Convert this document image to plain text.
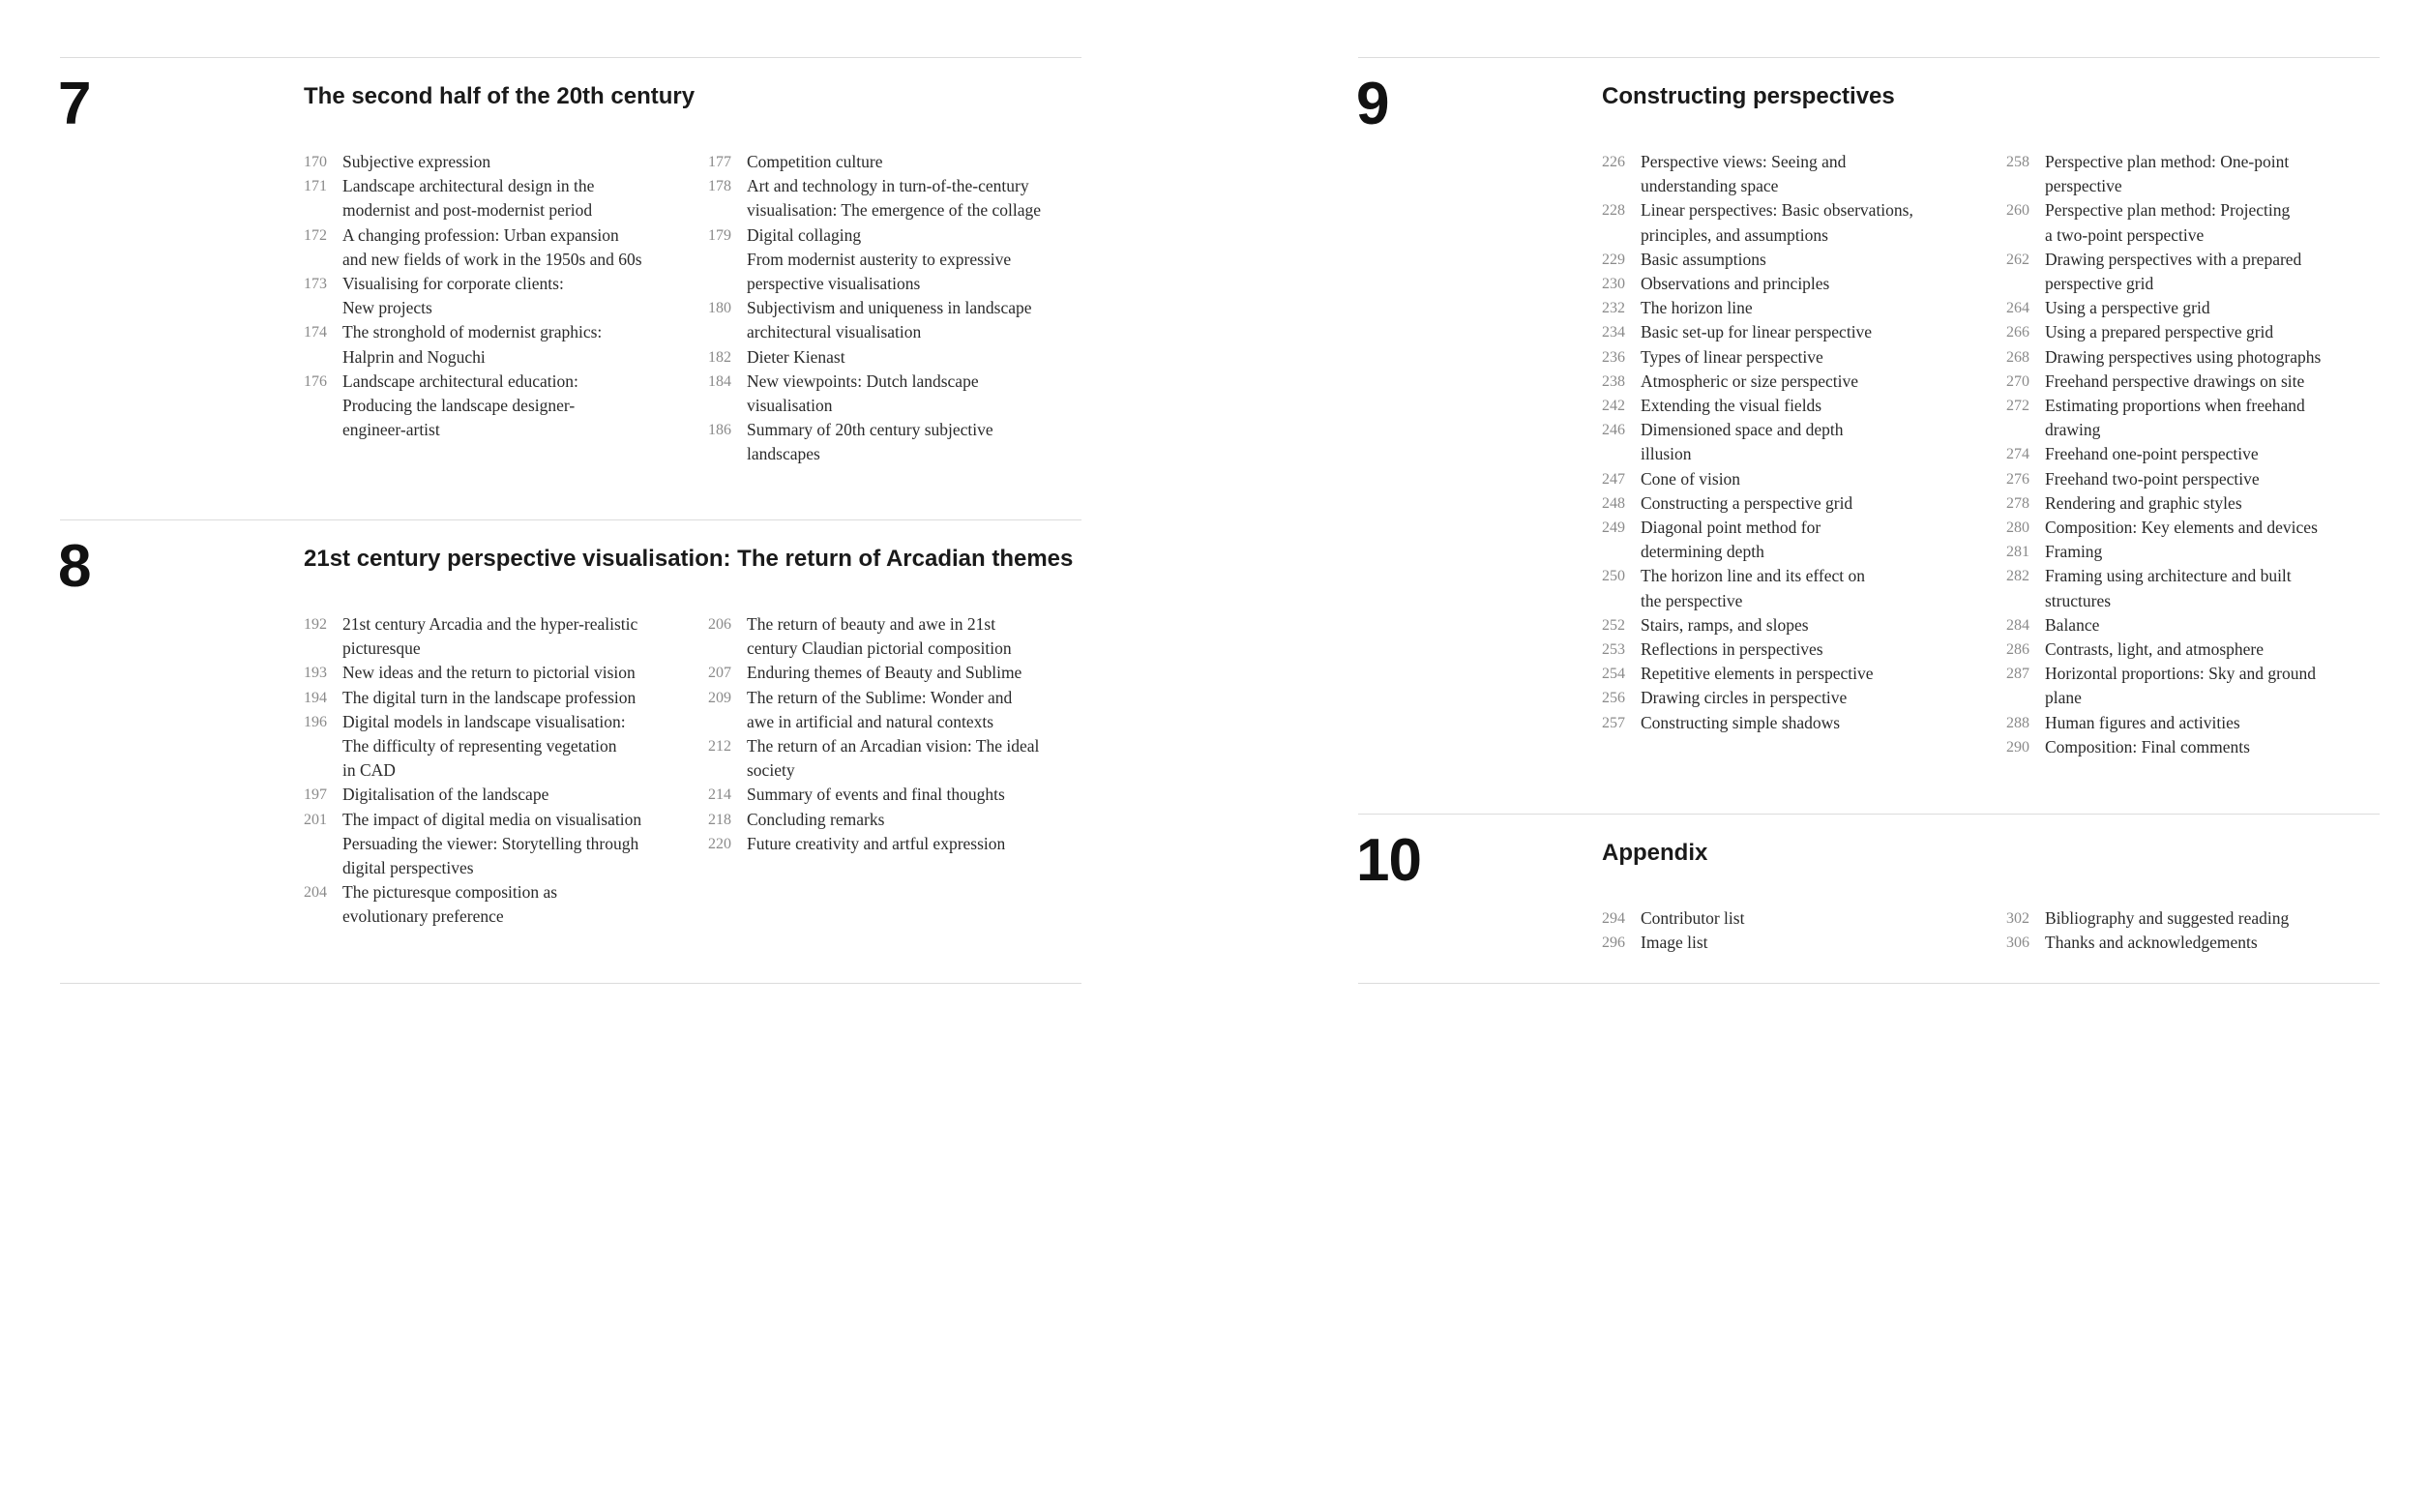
7	The second half of the 20th century
170 Subjective expression
171 Landscape architectural design in the
modernist and post-modernist period
172 A changing profession: Urban expansion
and new fields of work in the 1950s and 60s
173 Visualising for corporate clients:
New projects
174 The stronghold of modernist graphics:
Halprin and Noguchi
176 Landscape architectural education:
Producing the landscape designer-
engineer-artist
177 Competition culture
178 Art and technology in turn-of-the-century
visualisation: The emergence of the collage
179 Digital collaging
From modernist austerity to expressive
perspective visualisations
180 Subjectivism and uniqueness in landscape
architectural visualisation
182 Dieter Kienast
184 New viewpoints: Dutch landscape
visualisation
186 Summary of 20th century subjective
landscapes
8	21st century perspective visualisation: The return of Arcadian themes
192 21st century Arcadia and the hyper-realistic
picturesque
193 New ideas and the return to pictorial vision
194 The digital turn in the landscape profession
196 Digital models in landscape visualisation:
The difficulty of representing vegetation
in CAD
197 Digitalisation of the landscape
201 The impact of digital media on visualisation
Persuading the viewer: Storytelling through
digital perspectives
204 The picturesque composition as
evolutionary preference
206 The return of beauty and awe in 21st
century Claudian pictorial composition
207 Enduring themes of Beauty and Sublime
209 The return of the Sublime: Wonder and
awe in artificial and natural contexts
212 The return of an Arcadian vision: The ideal
society
214 Summary of events and final thoughts
218 Concluding remarks
220 Future creativity and artful expression
9	Constructing perspectives
226 Perspective views: Seeing and
understanding space
228 Linear perspectives: Basic observations,
principles, and assumptions
229 Basic assumptions
230 Observations and principles
232 The horizon line
234 Basic set-up for linear perspective
236 Types of linear perspective
238 Atmospheric or size perspective
242 Extending the visual fields
246 Dimensioned space and depth
illusion
247 Cone of vision
248 Constructing a perspective grid
249 Diagonal point method for
determining depth
250 The horizon line and its effect on
the perspective
252 Stairs, ramps, and slopes
253 Reflections in perspectives
254 Repetitive elements in perspective
256 Drawing circles in perspective
257 Constructing simple shadows
258 Perspective plan method: One-point
perspective
260 Perspective plan method: Projecting
a two-point perspective
262 Drawing perspectives with a prepared
perspective grid
264 Using a perspective grid
266 Using a prepared perspective grid
268 Drawing perspectives using photographs
270 Freehand perspective drawings on site
272 Estimating proportions when freehand
drawing
274 Freehand one-point perspective
276 Freehand two-point perspective
278 Rendering and graphic styles
280 Composition: Key elements and devices
281 Framing
282 Framing using architecture and built
structures
284 Balance
286 Contrasts, light, and atmosphere
287 Horizontal proportions: Sky and ground
plane
288 Human figures and activities
290 Composition: Final comments
10	Appendix
294 Contributor list
296 Image list
302 Bibliography and suggested reading
306 Thanks and acknowledgements
